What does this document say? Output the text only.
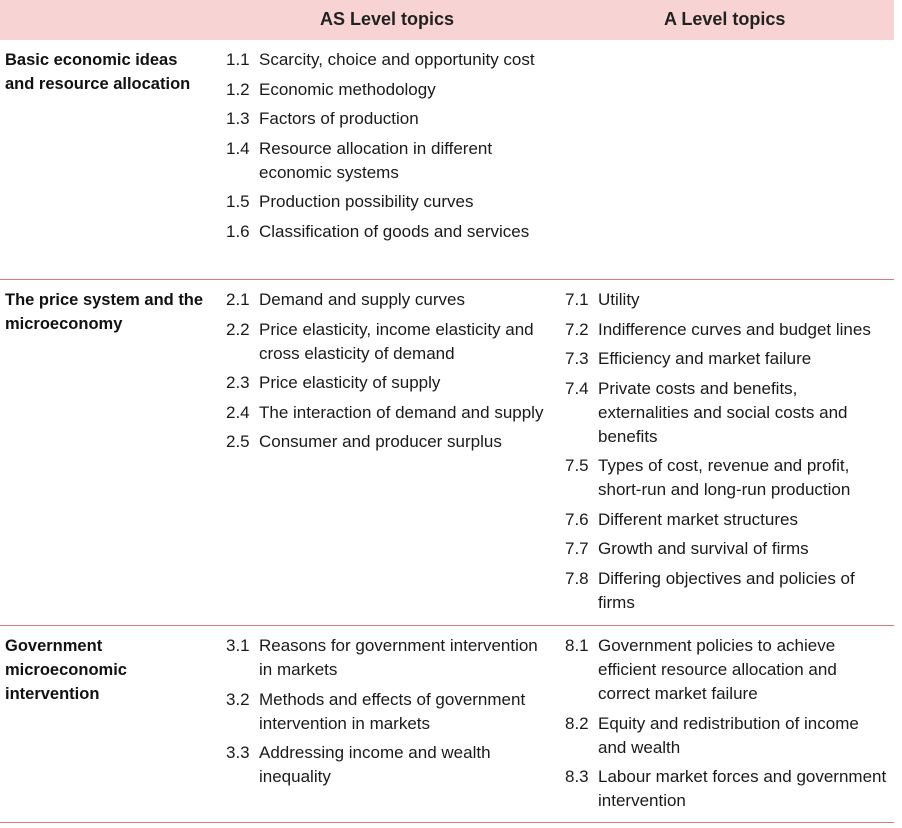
AS Level topics	A Level topics
Basic economic ideas and resource allocation
1.1 Scarcity, choice and opportunity cost
1.2 Economic methodology
1.3 Factors of production
1.4 Resource allocation in different economic systems
1.5 Production possibility curves
1.6 Classification of goods and services
The price system and the microeconomy
2.1 Demand and supply curves
2.2 Price elasticity, income elasticity and cross elasticity of demand
2.3 Price elasticity of supply
2.4 The interaction of demand and supply
2.5 Consumer and producer surplus
7.1 Utility
7.2 Indifference curves and budget lines
7.3 Efficiency and market failure
7.4 Private costs and benefits, externalities and social costs and benefits
7.5 Types of cost, revenue and profit, short-run and long-run production
7.6 Different market structures
7.7 Growth and survival of firms
7.8 Differing objectives and policies of firms
Government microeconomic intervention
3.1 Reasons for government intervention in markets
3.2 Methods and effects of government intervention in markets
3.3 Addressing income and wealth inequality
8.1 Government policies to achieve efficient resource allocation and correct market failure
8.2 Equity and redistribution of income and wealth
8.3 Labour market forces and government intervention
